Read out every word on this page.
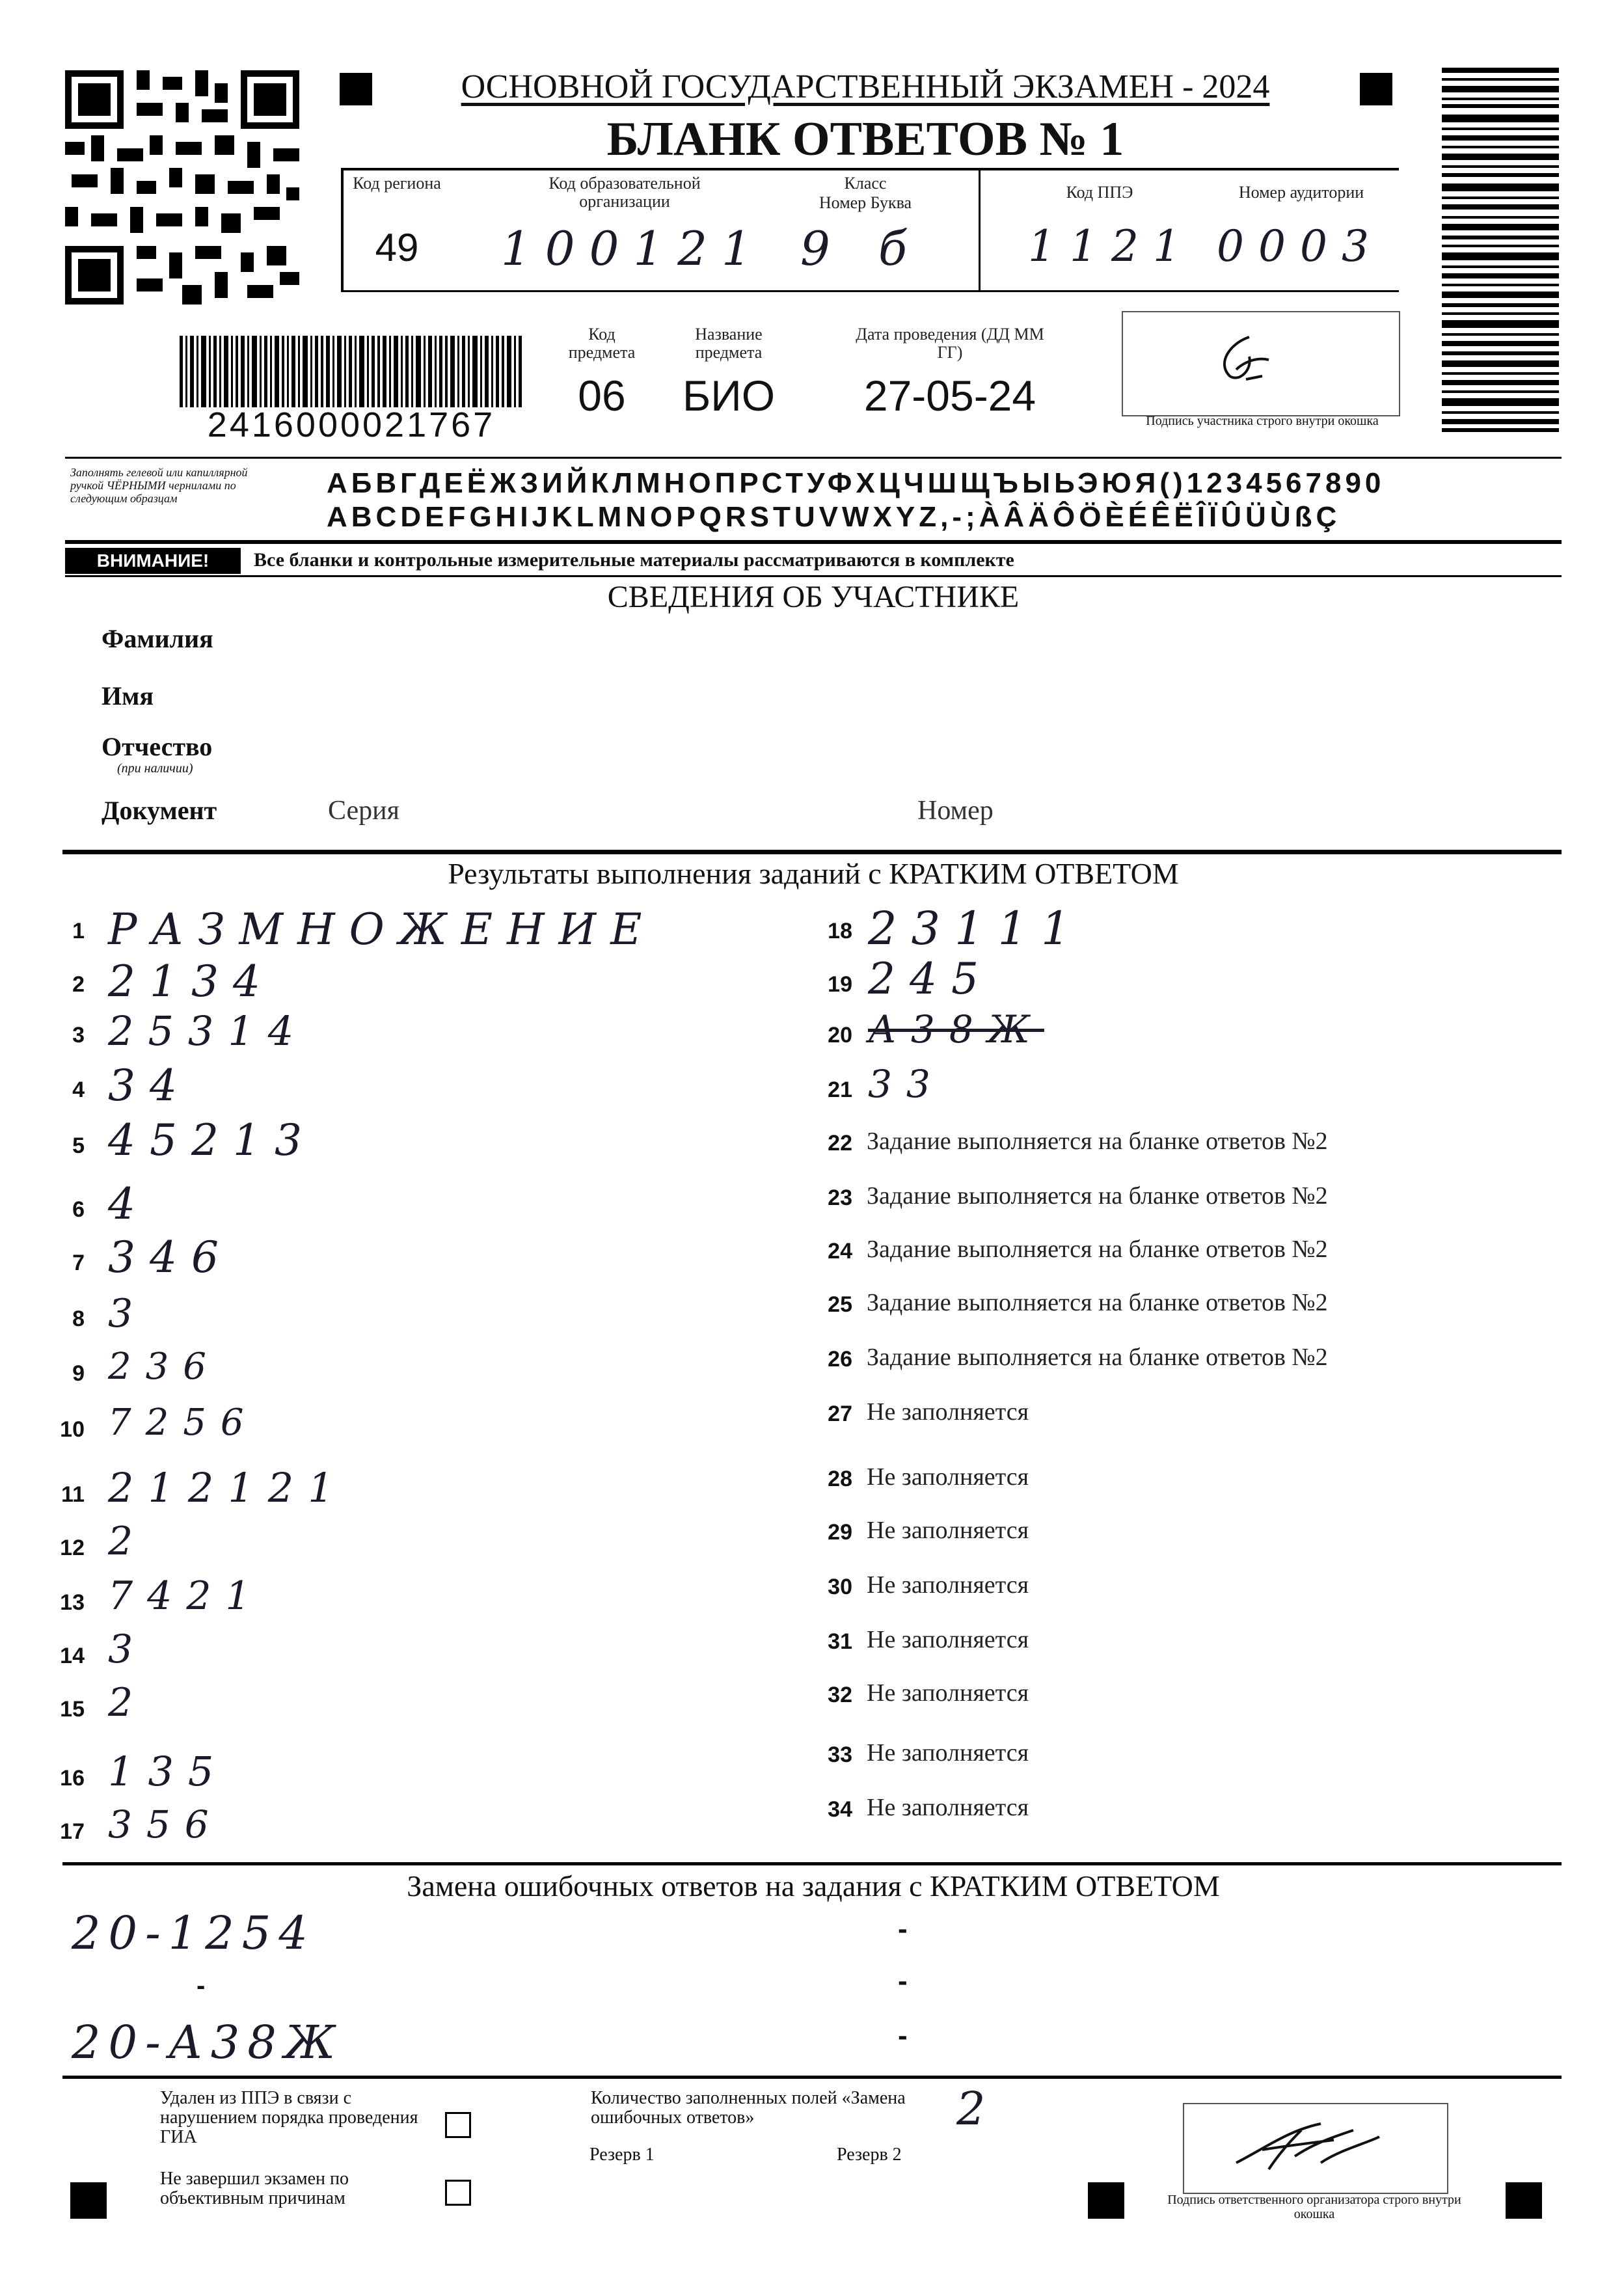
ОСНОВНОЙ ГОСУДАРСТВЕННЫЙ ЭКЗАМЕН - 2024
БЛАНК ОТВЕТОВ № 1
Код региона
49
Код образовательной организации
100121
Класс
Номер Буква
9 б
Код ППЭ
1121
Номер аудитории
0003
2416000021767
Код предмета
06
Название предмета
БИО
Дата проведения (ДД ММ ГГ)
27-05-24
Подпись участника строго внутри окошка
Заполнять гелевой или капиллярной ручкой ЧЁРНЫМИ чернилами по следующим образцам	АБВГДЕЁЖЗИЙКЛМНОПРСТУФХЦЧШЩЪЫЬЭЮЯ()1234567890
ABCDEFGHIJKLMNOPQRSTUVWXYZ,-;ÀÂÄÔÖÈÉÊËÎÏÛÜÙßÇ
ВНИМАНИЕ!	Все бланки и контрольные измерительные материалы рассматриваются в комплекте
СВЕДЕНИЯ ОБ УЧАСТНИКЕ
Фамилия
Имя
Отчество
(при наличии)
Документ	Серия	Номер
Результаты выполнения заданий с КРАТКИМ ОТВЕТОМ
1 РАЗМНОЖЕНИЕ
2 2134
3 25314
4 34
5 45213
6 4
7 346
8 3
9 236
10 7256
11 212121
12 2
13 7421
14 3
15 2
16 135
17 356
18 23111
19 245
20 А38Ж
21 33
22 Задание выполняется на бланке ответов №2
23 Задание выполняется на бланке ответов №2
24 Задание выполняется на бланке ответов №2
25 Задание выполняется на бланке ответов №2
26 Задание выполняется на бланке ответов №2
27 Не заполняется
28 Не заполняется
29 Не заполняется
30 Не заполняется
31 Не заполняется
32 Не заполняется
33 Не заполняется
34 Не заполняется
Замена ошибочных ответов на задания с КРАТКИМ ОТВЕТОМ
20-1254
20-А38Ж
-
-
-
-
Удален из ППЭ в связи с нарушением порядка проведения ГИА
Не завершил экзамен по объективным причинам
Количество заполненных полей «Замена ошибочных ответов»	2
Резерв 1	Резерв 2
Подпись ответственного организатора строго внутри окошка
